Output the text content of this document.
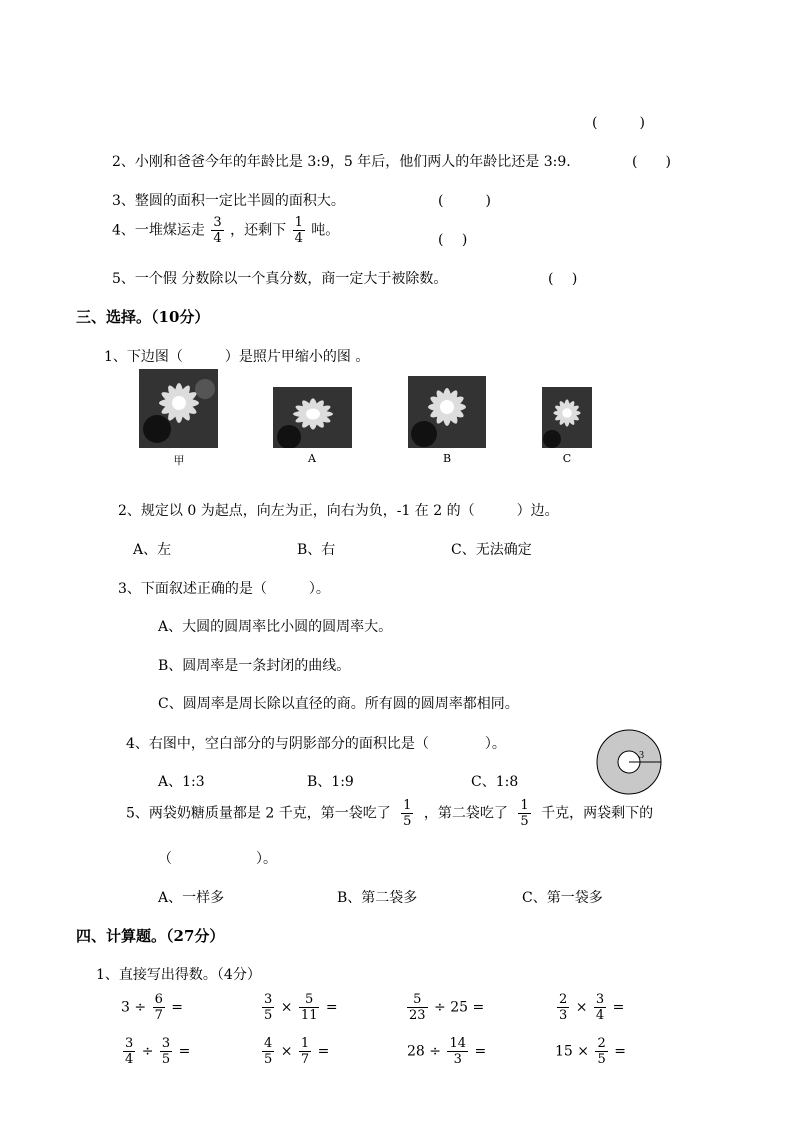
(　　　)
2、小刚和爸爸今年的年龄比是 3:9，5 年后，他们两人的年龄比还是 3:9.	(　　)
3、整圆的面积一定比半圆的面积大。	(　　　)
4、一堆煤运走 $\frac{3}{4}$ ，还剩下 $\frac{1}{4}$ 吨。
(　 )
5、一个假 分数除以一个真分数，商一定大于被除数。	(　 )
三、选择。（10分）
1、下边图（　　　）是照片甲缩小的图 。
甲	A	B	C
2、规定以 0 为起点，向左为正，向右为负，-1 在 2 的（　　　）边。
A、左	B、右	C、无法确定
3、下面叙述正确的是（　　　）。
A、大圆的圆周率比小圆的圆周率大。
B、圆周率是一条封闭的曲线。
C、圆周率是周长除以直径的商。所有圆的圆周率都相同。
4、右图中，空白部分的与阴影部分的面积比是（　　　　）。
A、1:3	B、1:9	C、1:8
3
5、两袋奶糖质量都是 2 千克，第一袋吃了 $\frac{1}{5}$ ，第二袋吃了 $\frac{1}{5}$ 千克，两袋剩下的
（　　　　　　）。
A、一样多	B、第二袋多	C、第一袋多
四、计算题。（27分）
1、直接写出得数。（4分）
$3 \div \frac{6}{7}$ =	$\frac{3}{5} \times \frac{5}{11}$ =	$\frac{5}{23} \div 25$ =	$\frac{2}{3} \times \frac{3}{4}$ =
$\frac{3}{4} \div \frac{3}{5}$ =	$\frac{4}{5} \times \frac{1}{7}$ =	$28 \div \frac{14}{3}$ =	$15 \times \frac{2}{5}$ =
